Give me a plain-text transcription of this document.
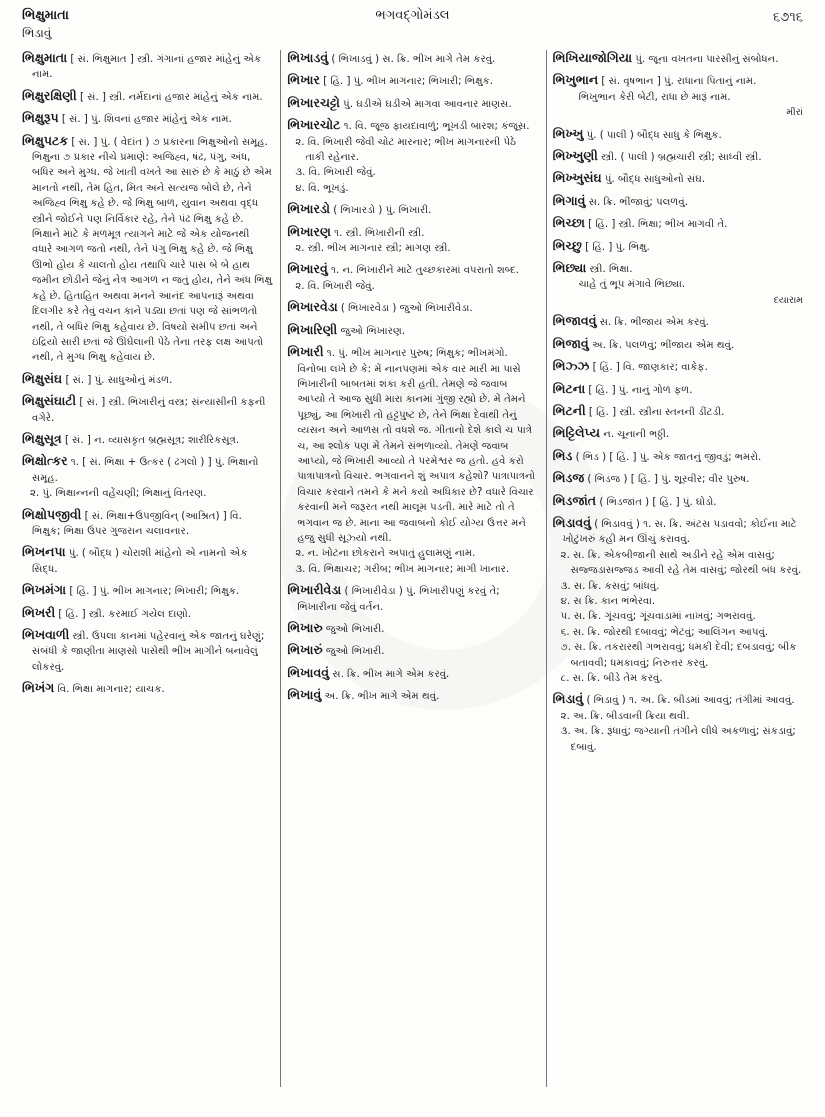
ભિક્ષુમાતા
ભિડાવું
ભગવદ્ગોમંડલ	૬૭૧૬
ભિક્ષુમાતા [ સં. ભિક્ષુમાત ] સ્ત્રી. ગંગાનાં હજાર માંહેનું એક નામ.
ભિક્ષુરક્ષિણી [ સં. ] સ્ત્રી. નર્મદાનાં હજાર માંહેનું એક નામ.
ભિક્ષુરૂપ [ સં. ] પું. શિવનાં હજાર માંહેનું એક નામ.
ભિક્ષુપટક [ સં. ] પું. ( વેદાંત ) ૭ પ્રકારના ભિક્ષુઓનો સમૂહ. ભિક્ષુના ૭ પ્રકાર નીચે પ્રમાણે: અજિહ્વ, ષંઢ, પંગુ, અંધ, બધિર અને મુગ્ધ. જે ખાતી વખતે આ સારું છે કે માઠું છે એમ માનતો નથી, તેમ હિત, મિત અને સત્યજ બોલે છે, તેને અજિહ્વ ભિક્ષુ કહે છે. જે ભિક્ષુ બાળ, યુવાન અથવા વૃદ્ધ સ્ત્રીને જોઈને પણ નિર્વિકાર રહે, તેને પંઢ ભિક્ષુ કહે છે. ભિક્ષાને માટે કે મળમૂત્ર ત્યાગને માટે જે એક યોજનથી વધારે આગળ જતો નથી, તેને પંગુ ભિક્ષુ કહે છે. જે ભિક્ષુ ઊભો હોય કે ચાલતો હોય તથાપિ ચારે પાસ બે બે હાથ જમીન છોડીને જેનું નેત્ર આગળ ન જતું હોય, તેને અંધ ભિક્ષુ કહે છે. હિતાહિત અથવા મનને આનંદ આપનારૂં અથવા દિલગીર કરે તેવું વચન કાને પડ્યા છતાં પણ જે સાંભળતો નથી, તે બધિર ભિક્ષુ કહેવાય છે. વિષયો સમીપ છતાં અને ઇંદ્રિયો સારી છતાં જે ઊંઘેલાની પેઠે તેના તરફ લક્ષ આપતો નથી, તે મુગ્ધ ભિક્ષુ કહેવાય છે.
ભિક્ષુસંઘ [ સં. ] પું. સાધુઓનું મંડળ.
ભિક્ષુસંઘાટી [ સં. ] સ્ત્રી. ભિખારીનું વસ્ત્ર; સંન્યાસીની કફની વગેરે.
ભિક્ષુસૂત્ર [ સં. ] ન. વ્યાસકૃત બ્રહ્મસૂત્ર; શારીરિકસૂત્ર.
ભિક્ષોત્કર ૧. [ સં. ભિક્ષા + ઉત્કર ( ઢગલો ) ] પું. ભિક્ષાનો સમૂહ.
૨. પું. ભિક્ષાન્નની વહેંચણી; ભિક્ષાનું વિતરણ.
ભિક્ષોપજીવી [ સં. ભિક્ષા+ઉપજીવિન્ (આશ્રિત) ] વિ. ભિક્ષુક; ભિક્ષા ઉપર ગુજરાન ચલાવનાર.
ભિખનપા પું. ( બૌદ્ધ ) ચોરાશી માંહેનો એ નામનો એક સિદ્ધ.
ભિખમંગા [ હિં. ] પું. ભીખ માગનાર; ભિખારી; ભિક્ષુક.
ભિખરી [ હિં. ] સ્ત્રી. કરમાઈ ગયેલ દાણો.
ભિખવાળી સ્ત્રી. ઉપલા કાનમાં પહેરવાનું એક જાતનું ઘરેણું; સંબંધી કે જાણીતા માણસો પાસેથી ભીખ માગીને બનાવેલું લોકરવું.
ભિખંગ વિ. ભિક્ષા માગનાર; યાચક.
ભિખાડવું ( ભિખાડવું ) સ. ક્રિ. ભીખ માગે તેમ કરવું.
ભિખાર [ હિં. ] પું. ભીખ માગનાર; ભિખારી; ભિક્ષુક.
ભિખારચટ્ટો પું. ઘડીએ ઘડીએ માગવા આવનાર માણસ.
ભિખારચોટ ૧. વિ. જૂજ ફાયદાવાળું; ભૂખડી બારશ; કંજૂસ.
૨. વિ. ભિખારી જેવી ચોટ મારનાર; ભીખ માગનારની પેઠે તાકી રહેનાર.
૩. વિ. ભિખારી જેવું.
૪. વિ. ભૂખડું.
ભિખારડો ( ભિખારડો ) પું. ભિખારી.
ભિખારણ ૧. સ્ત્રી. ભિખારીની સ્ત્રી.
૨. સ્ત્રી. ભીખ માગનાર સ્ત્રી; માગણ સ્ત્રી.
ભિખારવું ૧. ન. ભિખારીને માટે તુચ્છકારમાં વપરાતો શબ્દ.
૨. વિ. ભિખારી જેવું.
ભિખારવેડા ( ભિખારવેડા ) જુઓ ભિખારીવેડા.
ભિખારિણી જુઓ ભિખારણ.
ભિખારી ૧. પું. ભીખ માગનાર પુરુષ; ભિક્ષુક; ભીખમંગો. વિનોબા લખે છે કે: મેં નાનપણમાં એક વાર મારી મા પાસે ભિખારીની બાબતમાં શંકા કરી હતી. તેમણે જે જવાબ આપ્યો તે આજ સુધી મારા કાનમાં ગુંજી રહ્યો છે. મેં તેમને પૂછ્યું, આ ભિખારી તો હટ્ટપુષ્ટ છે, તેને ભિક્ષા દેવાથી તેનું વ્યસન અને આળસ તો વધશે જ. ગીતાનો દેશે કાલે ચ પાત્રે ચ, આ શ્લોક પણ મેં તેમને સંભળાવ્યો. તેમણે જવાબ આપ્યો, જે ભિખારી આવ્યો તે પરમેશ્વર જ હતો. હવે કરો પાત્રાપાત્રનો વિચાર. ભગવાનને શું અપાત્ર કહેશો? પાત્રાપાત્રનો વિચાર કરવાને તમને કે મને કયો અધિકાર છે? વધારે વિચાર કરવાની મને જરૂરત નથી માલૂમ પડતી. મારે માટે તો તે ભગવાન જ છે. માના આ જવાબનો કોઈ યોગ્ય ઉત્તર મને હજુ સુધી સૂઝ્યો નથી.
૨. ન. ખોટના છોકરાને અપાતું હુલામણું નામ.
૩. વિ. ભિક્ષાચર; ગરીબ; ભીખ માગનાર; માગી ખાનાર.
ભિખારીવેડા ( ભિખારીવેડા ) પું. ભિખારીપણું કરવું તે; ભિખારીના જેવું વર્તન.
ભિખારુ જુઓ ભિખારી.
ભિખારું જુઓ ભિખારી.
ભિખાવવું સ. ક્રિ. ભીખ માગે એમ કરવું.
ભિખાવું અ. ક્રિ. ભીખ માગે એમ થવું.
ભિખિયાજોગિયા પું. જૂના વખતના પારસીનું સંબોધન.
ભિખુભાન [ સં. વૃષભાન ] પું. રાધાના પિતાનું નામ.
ભિખુભાન કેરી બેટી, રાધા છે મારૂં નામ.
મીરાં
ભિખ્ખુ પું. ( પાલી ) બૌદ્ધ સાધુ કે ભિક્ષુક.
ભિખ્ખુણી સ્ત્રી. ( પાલી ) બ્રહ્મચારી સ્ત્રી; સાધ્વી સ્ત્રી.
ભિખ્ખુસંઘ પું. બૌદ્ધ સાધુઓનો સંઘ.
ભિગાવું સ. ક્રિ. ભીંજાવું; પલળવું.
ભિચ્છા [ હિં. ] સ્ત્રી. ભિક્ષા; ભીખ માગવી તે.
ભિચ્છુ [ હિં. ] પું. ભિક્ષુ.
ભિછ્યા સ્ત્રી. ભિક્ષા.
ચાહે તું ભૂપ મંગાવે ભિછ્યા.
દયારામ
ભિજાવવું સ. ક્રિ. ભીંજાય એમ કરવું.
ભિજાવું અ. ક્રિ. પલળવું; ભીંજાય એમ થવું.
ભિઝ્ઝ [ હિં. ] વિ. જાણકાર; વાકેફ.
ભિટના [ હિં. ] પું. નાનું ગોળ ફળ.
ભિટની [ હિં. ] સ્ત્રી. સ્ત્રીના સ્તનની ડીંટડી.
ભિટ્ટિલેપ્ય ન. ચૂનાની ભઠ્ઠી.
ભિડ ( ભિડ ) [ હિં. ] પું. એક જાતનું જીવડું; ભમરો.
ભિડજ ( ભિડજ ) [ હિં. ] પું. શૂરવીર; વીર પુરુષ.
ભિડજાંત ( ભિડજાંત ) [ હિં. ] પું. ઘોડો.
ભિડાવવું ( ભિડાવવું ) ૧. સ. ક્રિ. અંટસ પડાવવો; કોઈના માટે ખોટુંખરું કહી મન ઊંચું કરાવવું.
૨. સ. ક્રિ. એકબીજાની સાથે અડીને રહે એમ વાસવું; સજ્જડાસજ્જડ આવી રહે તેમ વાસવું; જોરથી બંધ કરવું.
૩. સ. ક્રિ. કસવું; બાંધવું.
૪. સ ક્રિ. કાન ભંભેરવા.
૫. સ. ક્રિ. ગૂંચવવું; ગૂંચવાડામાં નાખવું; ગભરાવવું.
૬. સ. ક્રિ. જોરથી દબાવવું; ભેટવું; આલિંગન આપવું.
૭. સ. ક્રિ. તકરારથી ગભરાવવું; ધમકી દેવી; દબડાવવું; બીક બતાવવી; ધમકાવવું; નિરુત્તર કરવું.
૮. સ. ક્રિ. બીડે તેમ કરવું.
ભિડાવું ( ભિડાવું ) ૧. અ. ક્રિ. બીડમાં આવવું; તંગીમાં આવવું.
૨. અ. ક્રિ. બીડવાની ક્રિયા થવી.
૩. અ. ક્રિ. રૂંધાવું; જગ્યાની તંગીને લીધે અકળાવું; સંકડાવું; દબાવું.
